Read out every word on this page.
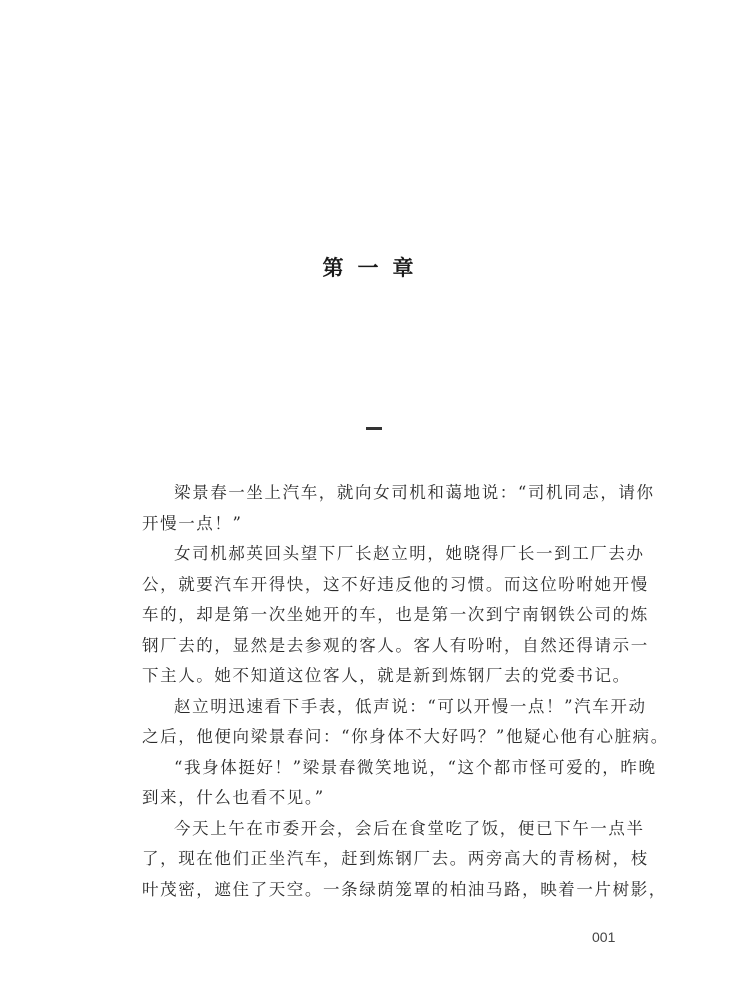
第一章
梁景春一坐上汽车，就向女司机和蔼地说：“司机同志，请你
开慢一点！”
女司机郝英回头望下厂长赵立明，她晓得厂长一到工厂去办
公，就要汽车开得快，这不好违反他的习惯。而这位吩咐她开慢
车的，却是第一次坐她开的车，也是第一次到宁南钢铁公司的炼
钢厂去的，显然是去参观的客人。客人有吩咐，自然还得请示一
下主人。她不知道这位客人，就是新到炼钢厂去的党委书记。
赵立明迅速看下手表，低声说：“可以开慢一点！”汽车开动
之后，他便向梁景春问：“你身体不大好吗？”他疑心他有心脏病。
“我身体挺好！”梁景春微笑地说，“这个都市怪可爱的，昨晚
到来，什么也看不见。”
今天上午在市委开会，会后在食堂吃了饭，便已下午一点半
了，现在他们正坐汽车，赶到炼钢厂去。两旁高大的青杨树，枝
叶茂密，遮住了天空。一条绿荫笼罩的柏油马路，映着一片树影，
001
